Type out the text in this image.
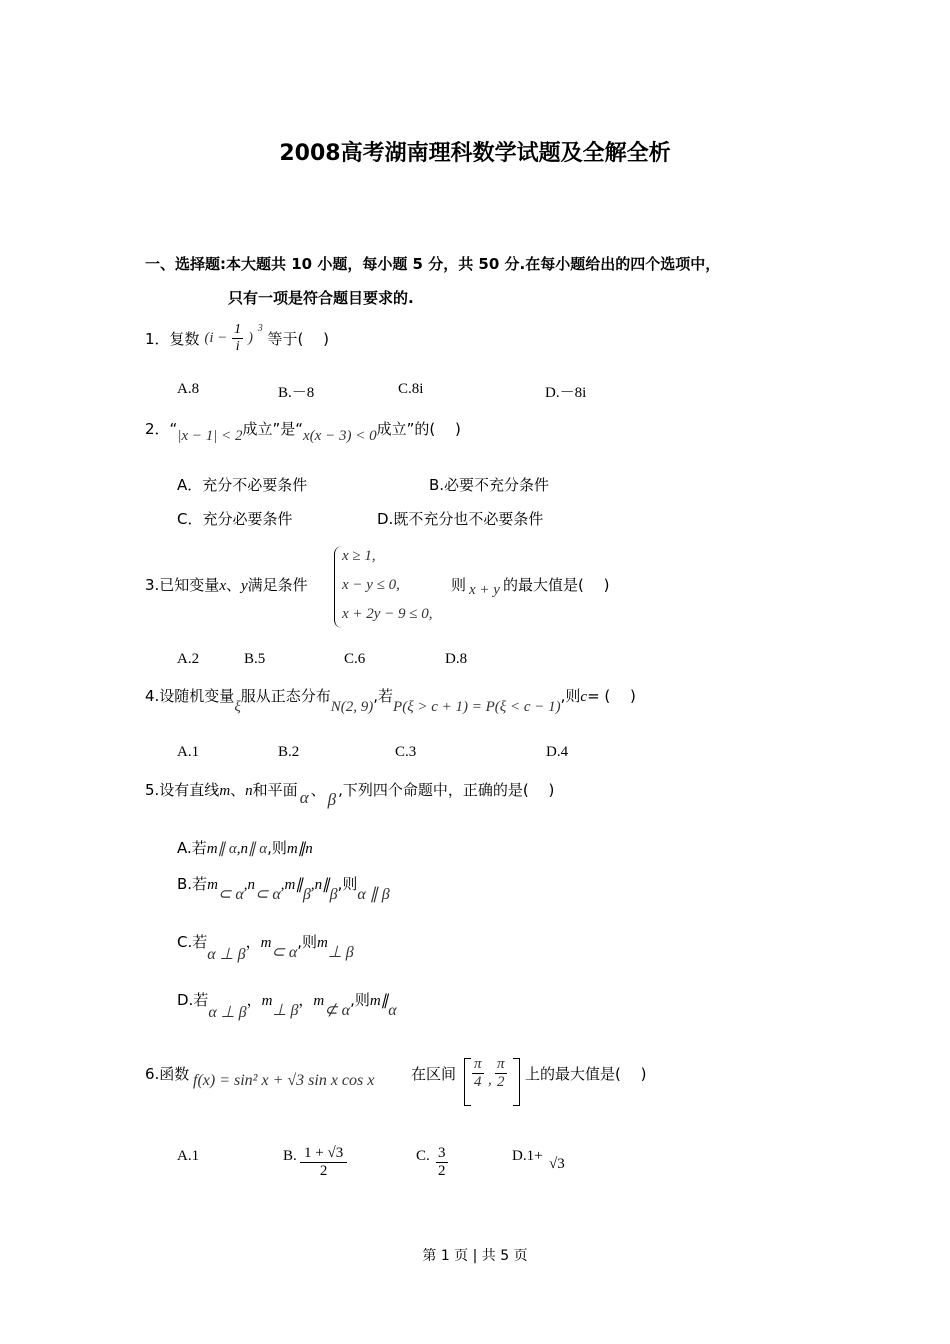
2008高考湖南理科数学试题及全解全析
一、选择题:本大题共 10 小题，每小题 5 分，共 50 分.在每小题给出的四个选项中，
只有一项是符合题目要求的.
1．复数 ($i - \frac{1}{i}$ ) $^3$ 等于(　 )
A.8	B.－8	C.8i	D.－8i
2．“|x − 1| < 2成立”是“x(x − 3) < 0成立”的(　 )
A．充分不必要条件	B.必要不充分条件
C．充分必要条件	D.既不充分也不必要条件
3.已知变量x、y满足条件
x ≥ 1,
x − y ≤ 0,
x + 2y − 9 ≤ 0,
则 x + y 的最大值是(　 )
A.2	B.5	C.6	D.8
4.设随机变量ξ服从正态分布N(2, 9),若P(ξ > c + 1) = P(ξ < c − 1),则c= (　 )
A.1	B.2	C.3	D.4
5.设有直线m、n和平面 α 、 β ,下列四个命题中，正确的是(　 )
A.若m∥ α,n∥ α,则m∥n
B.若m⊂ α,n⊂ α,m∥β,n∥β,则α ∥ β
C.若α ⊥ β，m⊂ α,则m⊥ β
D.若α ⊥ β，m⊥ β，m⊄ α,则m∥α
6.函数 f(x) = sin² x + √3 sin x cos x 在区间 $\frac{\pi}{4}$ , $\frac{\pi}{2}$ 上的最大值是(　 )
A.1	B. $\frac{1 + √3}{2}$	C. $\frac{3}{2}$	D.1+ √3
第 1 页 | 共 5 页
